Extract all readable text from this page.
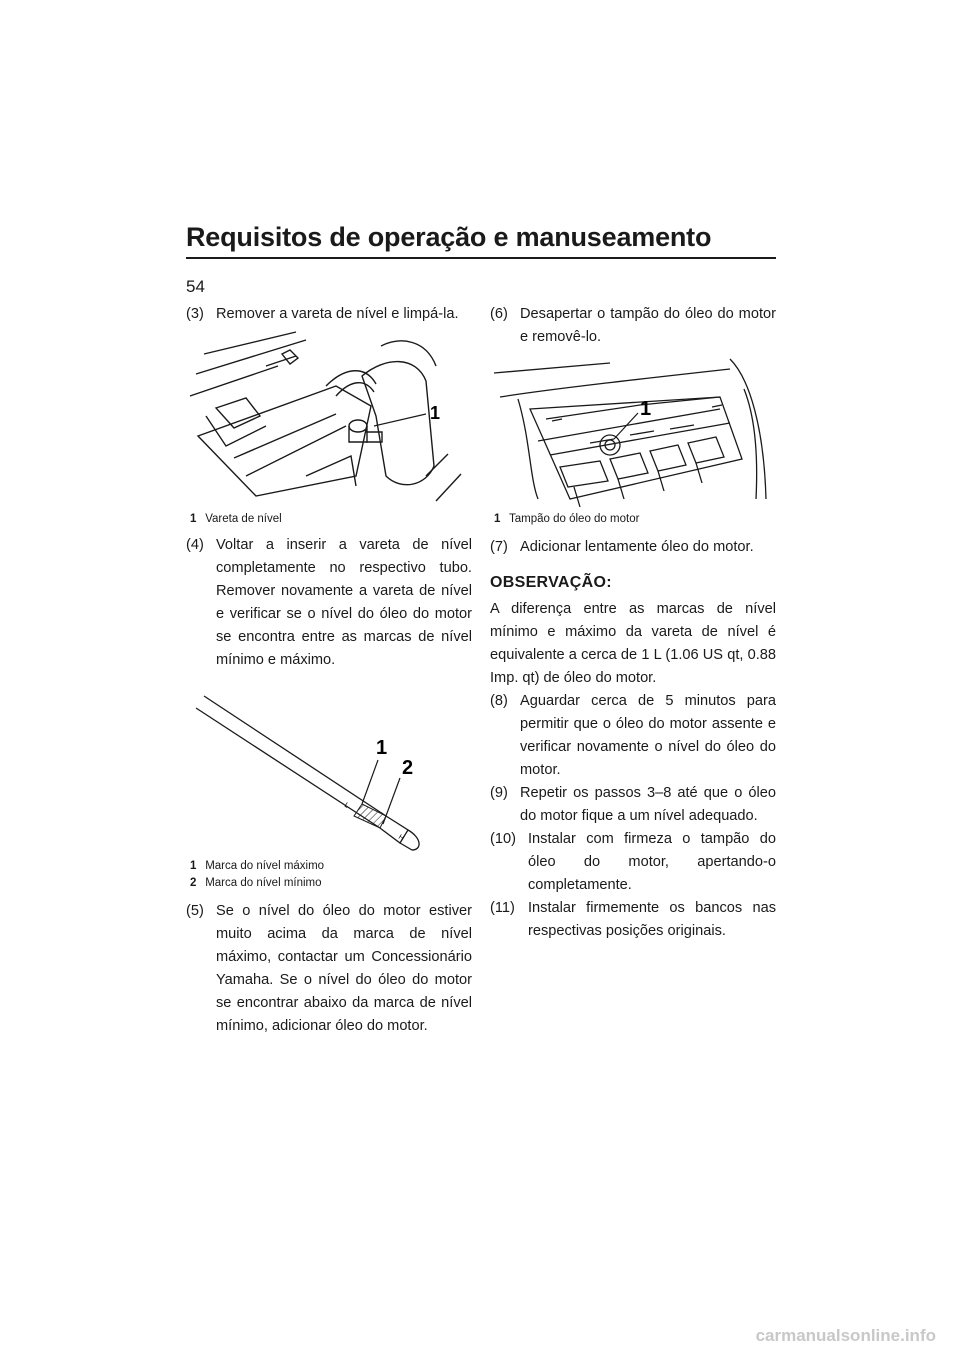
Requisitos de operação e manuseamento
54
(3) Remover a vareta de nível e limpá-la.
1
1 Vareta de nível
(4) Voltar a inserir a vareta de nível completamente no respectivo tubo. Remover novamente a vareta de nível e verificar se o nível do óleo do motor se encontra entre as marcas de nível mínimo e máximo.
L
H
1
2
1 Marca do nível máximo
2 Marca do nível mínimo
(5) Se o nível do óleo do motor estiver muito acima da marca de nível máximo, contactar um Concessionário Yamaha. Se o nível do óleo do motor se encontrar abaixo da marca de nível mínimo, adicionar óleo do motor.
(6) Desapertar o tampão do óleo do motor e removê-lo.
1
1 Tampão do óleo do motor
(7) Adicionar lentamente óleo do motor.
OBSERVAÇÃO:
A diferença entre as marcas de nível mínimo e máximo da vareta de nível é equivalente a cerca de 1 L (1.06 US qt, 0.88 Imp. qt) de óleo do motor.
(8) Aguardar cerca de 5 minutos para permitir que o óleo do motor assente e verificar novamente o nível do óleo do motor.
(9) Repetir os passos 3–8 até que o óleo do motor fique a um nível adequado.
(10) Instalar com firmeza o tampão do óleo do motor, apertando-o completamente.
(11) Instalar firmemente os bancos nas respectivas posições originais.
carmanualsonline.info
